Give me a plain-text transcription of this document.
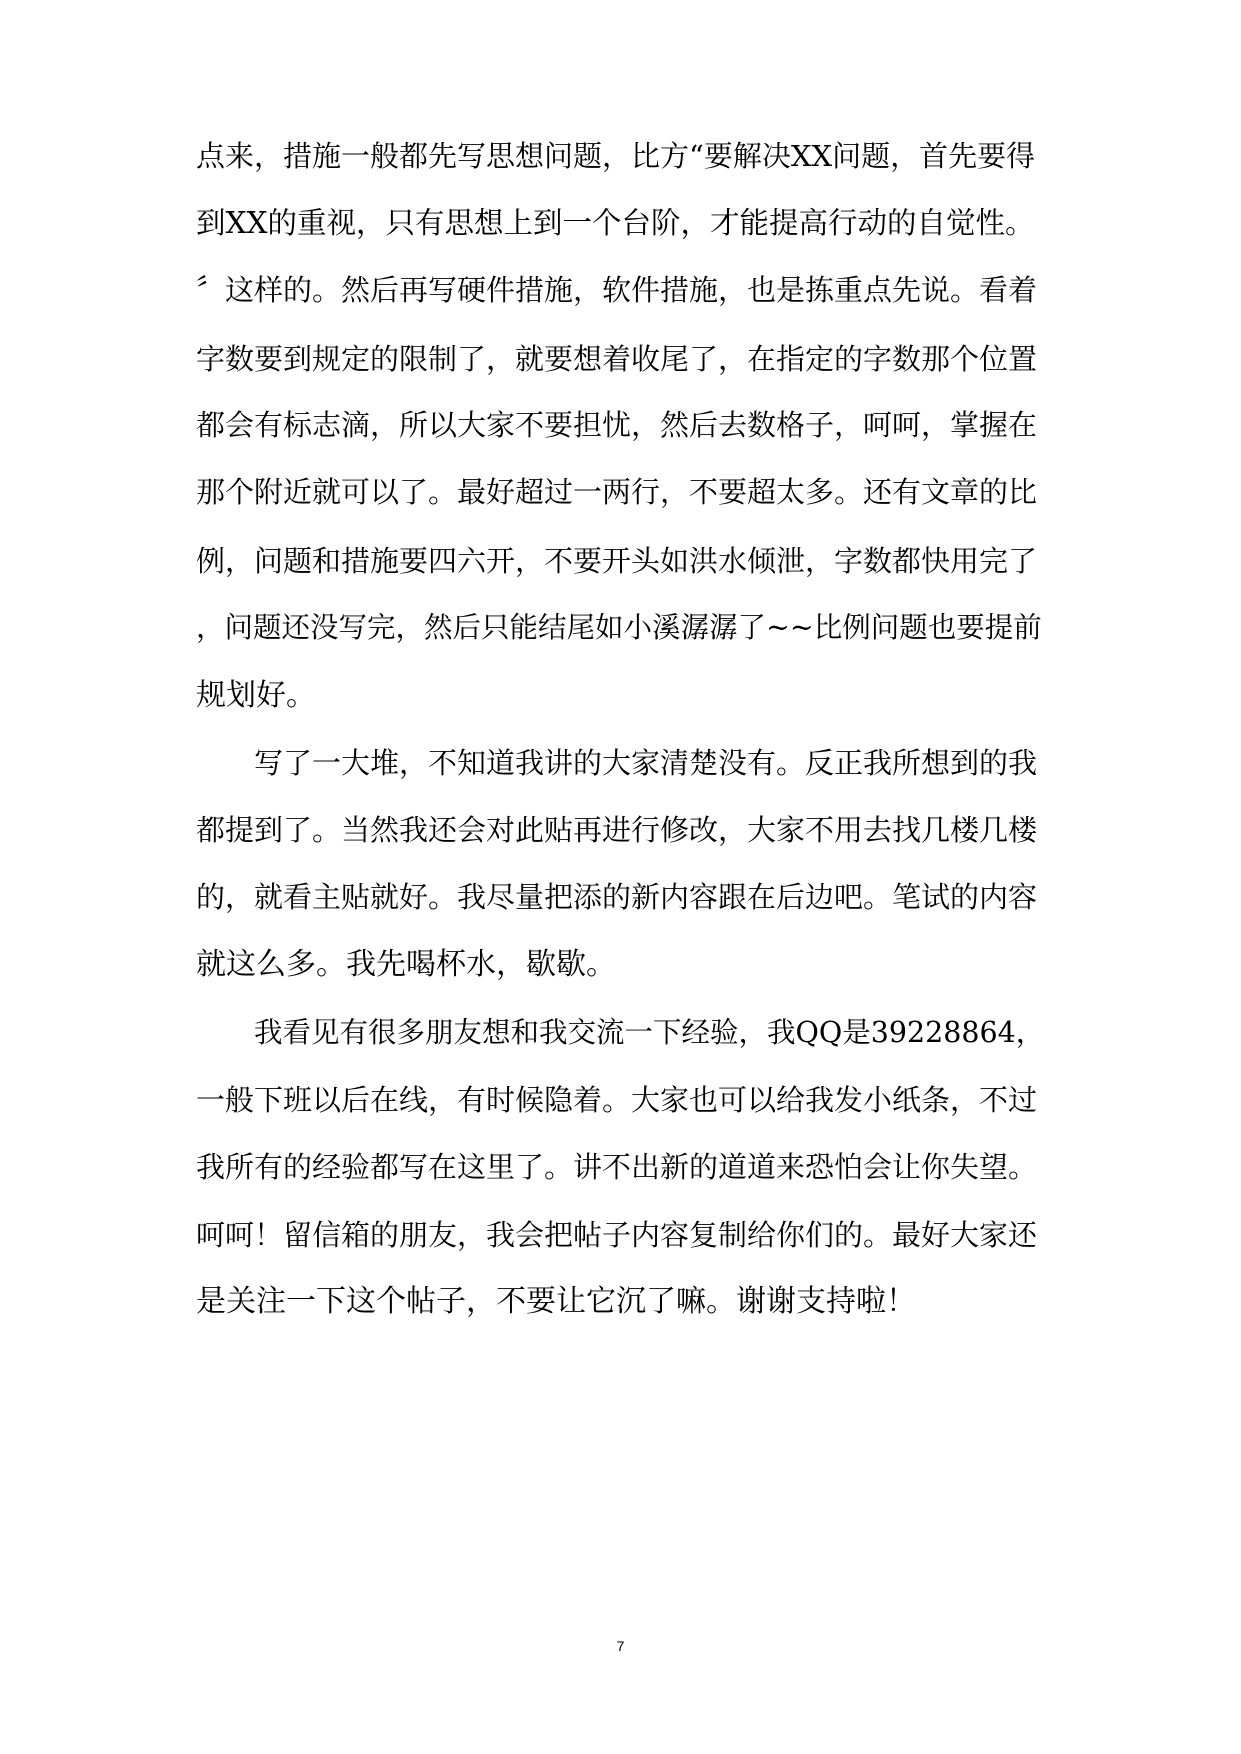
点来，措施一般都先写思想问题，比方“要解决XX问题，首先要得
到XX的重视，只有思想上到一个台阶，才能提高行动的自觉性。
〞这样的。然后再写硬件措施，软件措施，也是拣重点先说。看着
字数要到规定的限制了，就要想着收尾了，在指定的字数那个位置
都会有标志滴，所以大家不要担忧，然后去数格子，呵呵，掌握在
那个附近就可以了。最好超过一两行，不要超太多。还有文章的比
例，问题和措施要四六开，不要开头如洪水倾泄，字数都快用完了
，问题还没写完，然后只能结尾如小溪潺潺了~~比例问题也要提前
规划好。
写了一大堆，不知道我讲的大家清楚没有。反正我所想到的我
都提到了。当然我还会对此贴再进行修改，大家不用去找几楼几楼
的，就看主贴就好。我尽量把添的新内容跟在后边吧。笔试的内容
就这么多。我先喝杯水，歇歇。
我看见有很多朋友想和我交流一下经验，我QQ是39228864，
一般下班以后在线，有时候隐着。大家也可以给我发小纸条，不过
我所有的经验都写在这里了。讲不出新的道道来恐怕会让你失望。
呵呵！留信箱的朋友，我会把帖子内容复制给你们的。最好大家还
是关注一下这个帖子，不要让它沉了嘛。谢谢支持啦！
7
